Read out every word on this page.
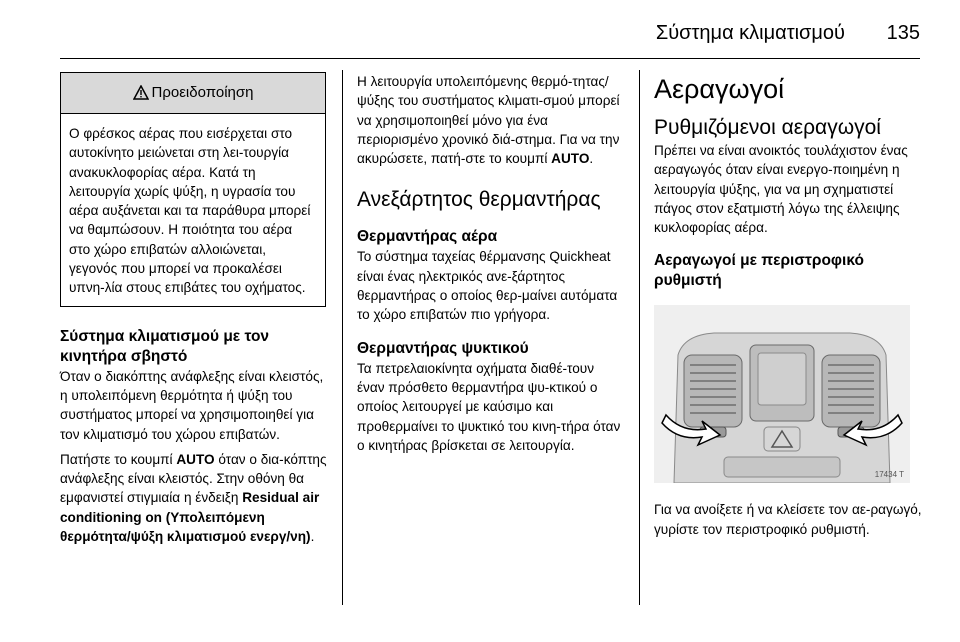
Σύστημα κλιματισμού 135
Προειδοποίηση
Ο φρέσκος αέρας που εισέρχεται στο αυτοκίνητο μειώνεται στη λει-τουργία ανακυκλοφορίας αέρα. Κατά τη λειτουργία χωρίς ψύξη, η υγρασία του αέρα αυξάνεται και τα παράθυρα μπορεί να θαμπώσουν. Η ποιότητα του αέρα στο χώρο επιβατών αλλοιώνεται, γεγονός που μπορεί να προκαλέσει υπνη-λία στους επιβάτες του οχήματος.
Σύστημα κλιματισμού με τον κινητήρα σβηστό

Όταν ο διακόπτης ανάφλεξης είναι κλειστός, η υπολειπόμενη θερμότητα ή ψύξη του συστήματος μπορεί να χρησιμοποιηθεί για τον κλιματισμό του χώρου επιβατών.

Πατήστε το κουμπί AUTO όταν ο δια-κόπτης ανάφλεξης είναι κλειστός. Στην οθόνη θα εμφανιστεί στιγμιαία η ένδειξη Residual air conditioning on (Υπολειπόμενη θερμότητα/ψύξη κλιματισμού ενεργ/νη).

Η λειτουργία υπολειπόμενης θερμό-τητας/ψύξης του συστήματος κλιματι-σμού μπορεί να χρησιμοποιηθεί μόνο για ένα περιορισμένο χρονικό διά-στημα. Για να την ακυρώσετε, πατή-στε το κουμπί AUTO.

Ανεξάρτητος θερμαντήρας
Θερμαντήρας αέρα

Το σύστημα ταχείας θέρμανσης Quickheat είναι ένας ηλεκτρικός ανε-ξάρτητος θερμαντήρας ο οποίος θερ-μαίνει αυτόματα το χώρο επιβατών πιο γρήγορα.

Θερμαντήρας ψυκτικού

Τα πετρελαιοκίνητα οχήματα διαθέ-τουν έναν πρόσθετο θερμαντήρα ψυ-κτικού ο οποίος λειτουργεί με καύσιμο και προθερμαίνει το ψυκτικό του κινη-τήρα όταν ο κινητήρας βρίσκεται σε λειτουργία.

Αεραγωγοί
Ρυθμιζόμενοι αεραγωγοί

Πρέπει να είναι ανοικτός τουλάχιστον ένας αεραγωγός όταν είναι ενεργο-ποιημένη η λειτουργία ψύξης, για να μη σχηματιστεί πάγος στον εξατμιστή λόγω της έλλειψης κυκλοφορίας αέρα.

Αεραγωγοί με περιστροφικό ρυθμιστή
17434 T

Για να ανοίξετε ή να κλείσετε τον αε-ραγωγό, γυρίστε τον περιστροφικό ρυθμιστή.
